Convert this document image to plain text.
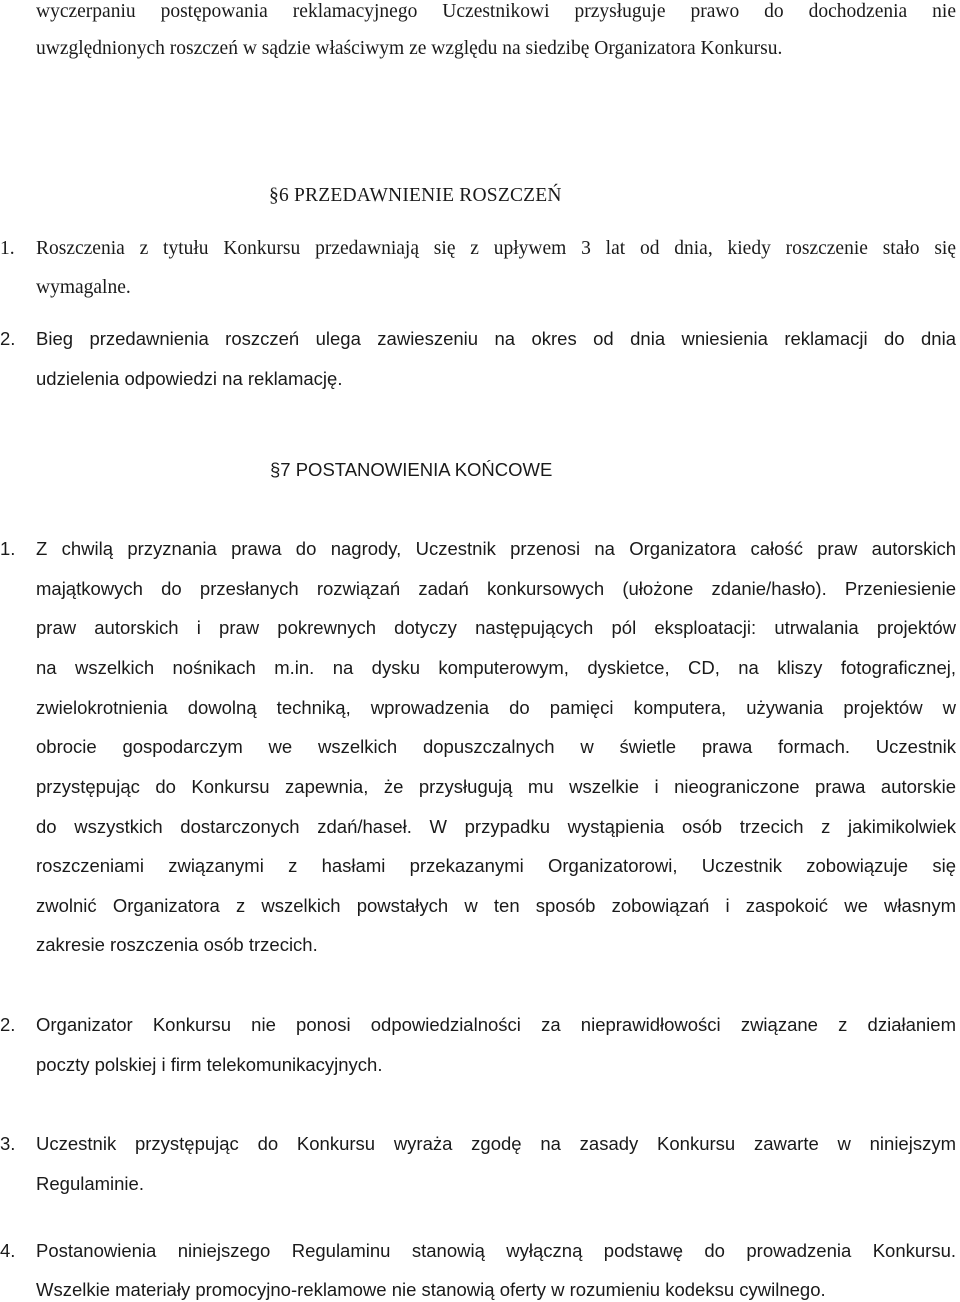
wyczerpaniu postępowania reklamacyjnego Uczestnikowi przysługuje prawo do dochodzenia nie
uwzględnionych roszczeń w sądzie właściwym ze względu na siedzibę Organizatora Konkursu.
§6 PRZEDAWNIENIE ROSZCZEŃ
1. Roszczenia z tytułu Konkursu przedawniają się z upływem 3 lat od dnia, kiedy roszczenie stało się
wymagalne.
2. Bieg przedawnienia roszczeń ulega zawieszeniu na okres od dnia wniesienia reklamacji do dnia
udzielenia odpowiedzi na reklamację.
§7 POSTANOWIENIA KOŃCOWE
1. Z chwilą przyznania prawa do nagrody, Uczestnik przenosi na Organizatora całość praw autorskich
majątkowych do przesłanych rozwiązań zadań konkursowych (ułożone zdanie/hasło). Przeniesienie
praw autorskich i praw pokrewnych dotyczy następujących pól eksploatacji: utrwalania projektów
na wszelkich nośnikach m.in. na dysku komputerowym, dyskietce, CD, na kliszy fotograficznej,
zwielokrotnienia dowolną techniką, wprowadzenia do pamięci komputera, używania projektów w
obrocie gospodarczym we wszelkich dopuszczalnych w świetle prawa formach. Uczestnik
przystępując do Konkursu zapewnia, że przysługują mu wszelkie i nieograniczone prawa autorskie
do wszystkich dostarczonych zdań/haseł. W przypadku wystąpienia osób trzecich z jakimikolwiek
roszczeniami związanymi z hasłami przekazanymi Organizatorowi, Uczestnik zobowiązuje się
zwolnić Organizatora z wszelkich powstałych w ten sposób zobowiązań i zaspokoić we własnym
zakresie roszczenia osób trzecich.
2. Organizator Konkursu nie ponosi odpowiedzialności za nieprawidłowości związane z działaniem
poczty polskiej i firm telekomunikacyjnych.
3. Uczestnik przystępując do Konkursu wyraża zgodę na zasady Konkursu zawarte w niniejszym
Regulaminie.
4. Postanowienia niniejszego Regulaminu stanowią wyłączną podstawę do prowadzenia Konkursu.
Wszelkie materiały promocyjno-reklamowe nie stanowią oferty w rozumieniu kodeksu cywilnego.
